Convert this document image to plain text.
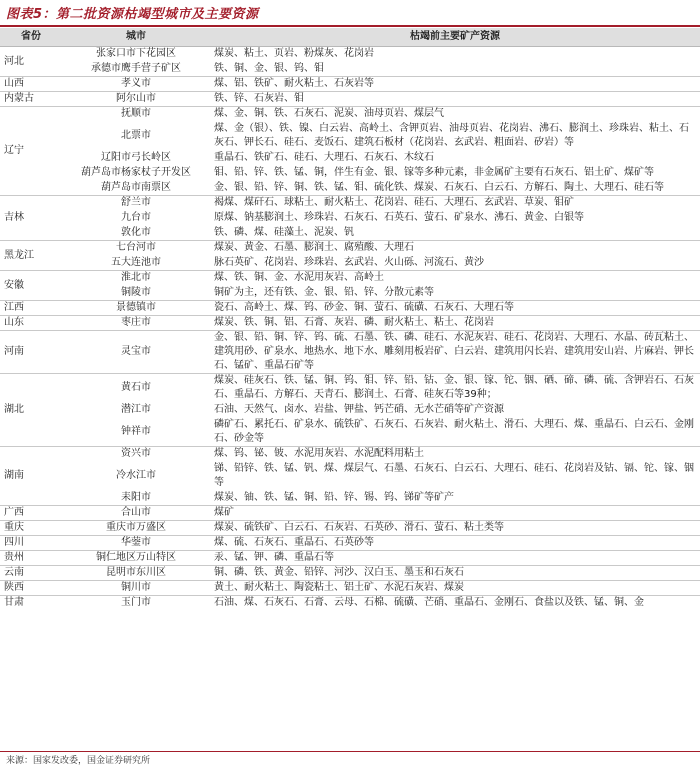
图表5：第二批资源枯竭型城市及主要资源
省份	城市	枯竭前主要矿产资源
河北	张家口市下花园区	煤炭、粘土、页岩、粉煤灰、花岗岩
	承德市鹰手营子矿区	铁、铜、金、银、钨、钼
山西	孝义市	煤、铝、铁矿、耐火粘土、石灰岩等
内蒙古	阿尔山市	铁、锌、石灰岩、钼
辽宁	抚顺市	煤、金、铜、铁、石灰石、泥炭、油母页岩、煤层气
	北票市	煤、金（银）、铁、镍、白云岩、高岭土、含钾页岩、油母页岩、花岗岩、沸石、膨润土、珍珠岩、粘土、石灰石、钾长石、硅石、麦饭石、建筑石板材（花岗岩、玄武岩、粗面岩、矽岩）等
	辽阳市弓长岭区	重晶石、铁矿石、硅石、大理石、石灰石、木纹石
	葫芦岛市杨家杖子开发区	钼、铅、锌、铁、锰、铜，伴生有金、银、镓等多种元素，非金属矿主要有石灰石、铝土矿、煤矿等
	葫芦岛市南票区	金、银、铅、锌、铜、铁、锰、钼、硫化铁、煤炭、石灰石、白云石、方解石、陶土、大理石、硅石等
吉林	舒兰市	褐煤、煤矸石、球粘土、耐火粘土、花岗岩、硅石、大理石、玄武岩、草炭、钼矿
	九台市	原煤、钠基膨润土、珍珠岩、石灰石、石英石、萤石、矿泉水、沸石、黄金、白银等
	敦化市	铁、磷、煤、硅藻土、泥炭、钒
黑龙江	七台河市	煤炭、黄金、石墨、膨润土、腐殖酸、大理石
	五大连池市	脉石英矿、花岗岩、珍珠岩、玄武岩、火山砾、河流石、黄沙
安徽	淮北市	煤、铁、铜、金、水泥用灰岩、高岭土
	铜陵市	铜矿为主，还有铁、金、银、铅、锌、分散元素等
江西	景德镇市	瓷石、高岭土、煤、钨、砂金、铜、萤石、硫磺、石灰石、大理石等
山东	枣庄市	煤炭、铁、铜、铝、石膏、灰岩、磷、耐火粘土、粘土、花岗岩
河南	灵宝市	金、银、铅、铜、锌、钨、硫、石墨、铁、磷、硅石、水泥灰岩、硅石、花岗岩、大理石、水晶、砖瓦粘土、建筑用砂、矿泉水、地热水、地下水、雕刻用板岩矿、白云岩、建筑用闪长岩、建筑用安山岩、片麻岩、钾长石、锰矿、重晶石矿等
湖北	黄石市	煤炭、硅灰石、铁、锰、铜、钨、钼、锌、铅、钴、金、银、镓、铊、铟、硒、碲、磷、硫、含钾岩石、石灰石、重晶石、方解石、天青石、膨润土、石膏、硅灰石等39种；
	潜江市	石油、天然气、卤水、岩盐、钾盐、钙芒硝、无水芒硝等矿产资源
	钟祥市	磷矿石、累托石、矿泉水、硫铁矿、石灰石、石灰岩、耐火粘土、滑石、大理石、煤、重晶石、白云石、金刚石、砂金等
湖南	资兴市	煤、钨、铋、铍、水泥用灰岩、水泥配料用粘土
	冷水江市	锑、铅锌、铁、锰、钒、煤、煤层气、石墨、石灰石、白云石、大理石、硅石、花岗岩及钴、镉、铊、镓、铟等
	耒阳市	煤炭、铀、铁、锰、铜、铅、锌、锡、钨、锑矿等矿产
广西	合山市	煤矿
重庆	重庆市万盛区	煤炭、硫铁矿、白云石、石灰岩、石英砂、滑石、萤石、粘土类等
四川	华蓥市	煤、硫、石灰石、重晶石、石英砂等
贵州	铜仁地区万山特区	汞、锰、钾、磷、重晶石等
云南	昆明市东川区	铜、磷、铁、黄金、铅锌、河沙、汉白玉、墨玉和石灰石
陕西	铜川市	黄土、耐火粘土、陶瓷粘土、铝土矿、水泥石灰岩、煤炭
甘肃	玉门市	石油、煤、石灰石、石膏、云母、石棉、硫磺、芒硝、重晶石、金刚石、食盐以及铁、锰、铜、金
来源：国家发改委，国金证券研究所
